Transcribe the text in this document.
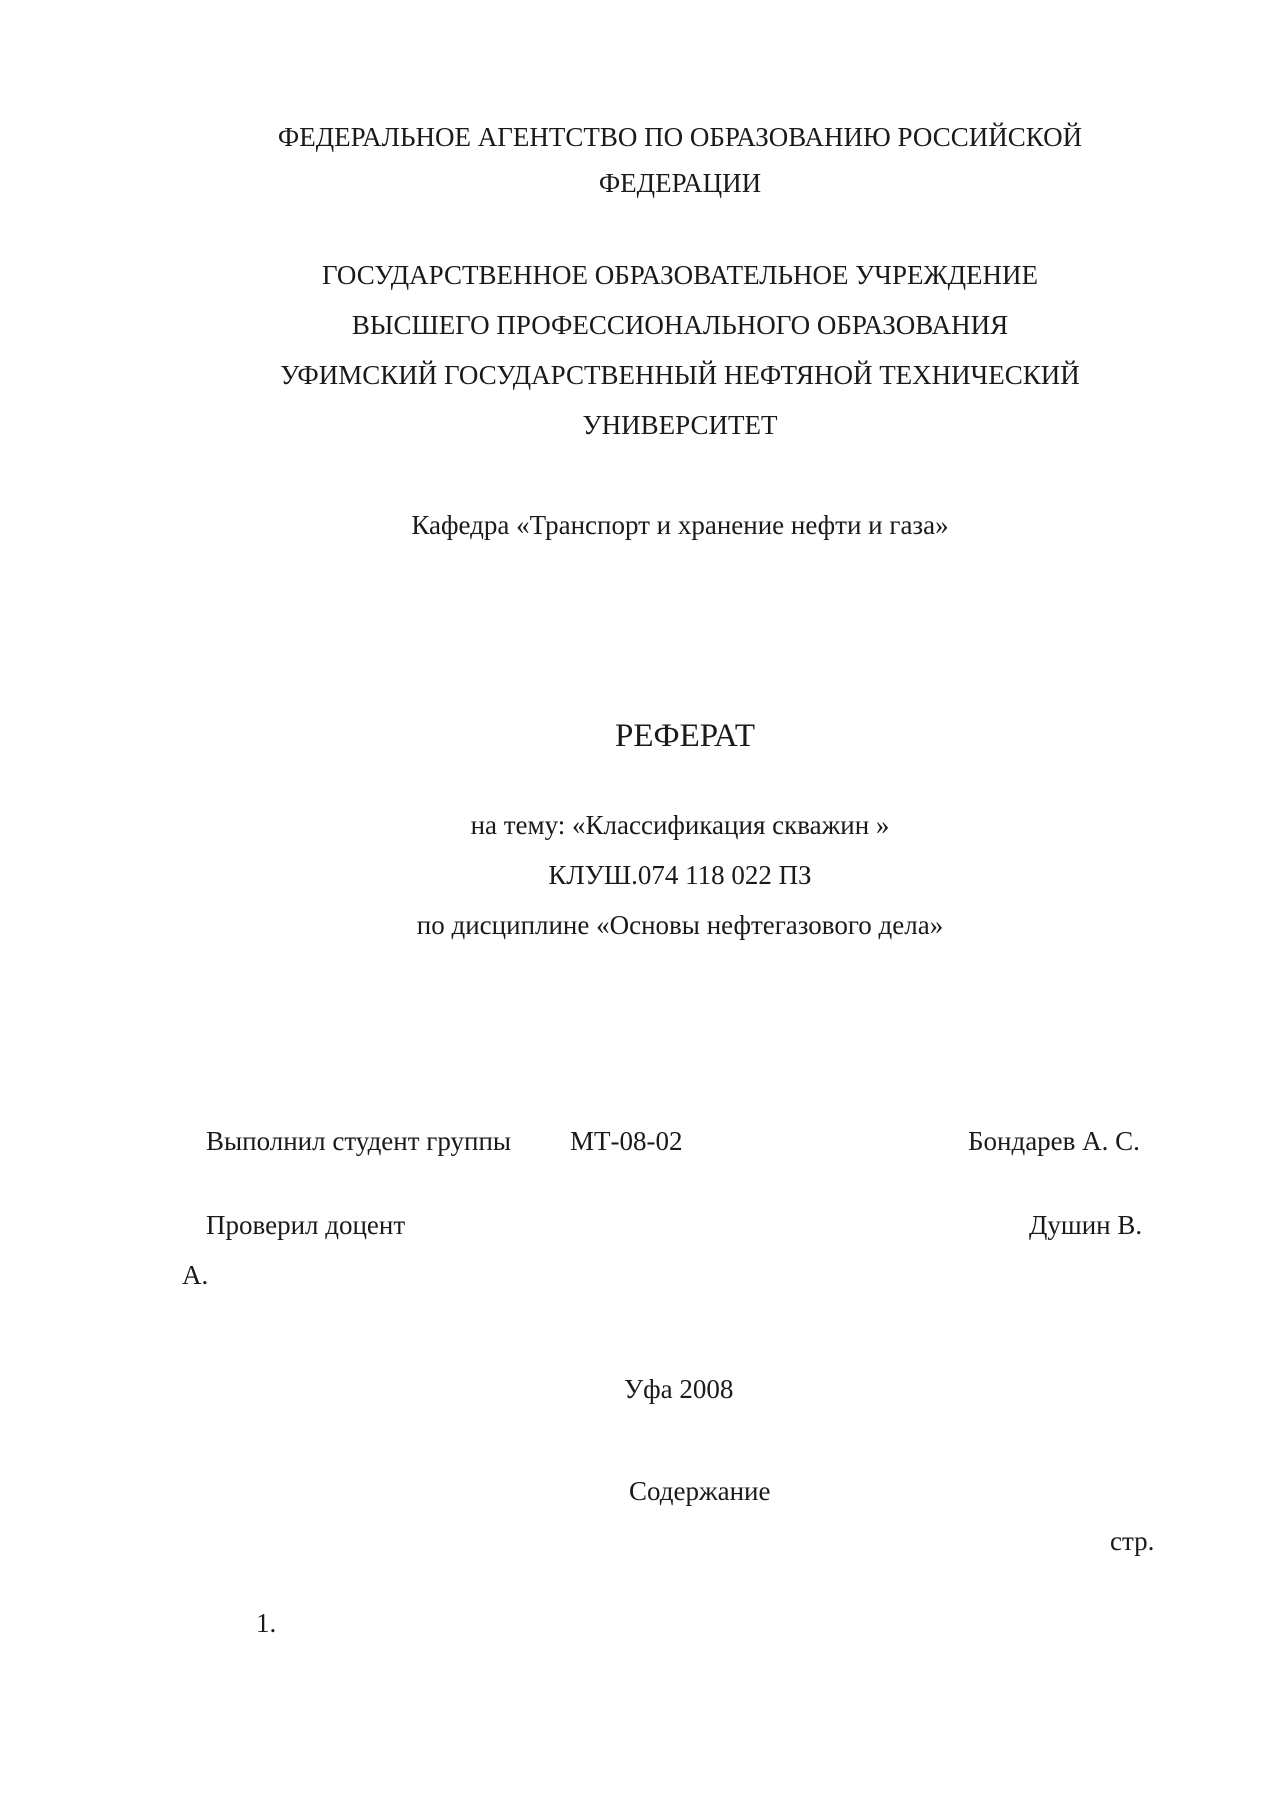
ФЕДЕРАЛЬНОЕ АГЕНТСТВО ПО ОБРАЗОВАНИЮ РОССИЙСКОЙ
ФЕДЕРАЦИИ
ГОСУДАРСТВЕННОЕ ОБРАЗОВАТЕЛЬНОЕ УЧРЕЖДЕНИЕ
ВЫСШЕГО ПРОФЕССИОНАЛЬНОГО ОБРАЗОВАНИЯ
УФИМСКИЙ ГОСУДАРСТВЕННЫЙ НЕФТЯНОЙ ТЕХНИЧЕСКИЙ
УНИВЕРСИТЕТ
Кафедра «Транспорт и хранение нефти и газа»
РЕФЕРАТ
на тему: «Классификация скважин »
КЛУШ.074 118 022 ПЗ
по дисциплине «Основы нефтегазового дела»
Выполнил студент группы МТ-08-02	Бондарев А. С.
Проверил доцент	Душин В.
А.
Уфа 2008
Содержание
стр.
1.
